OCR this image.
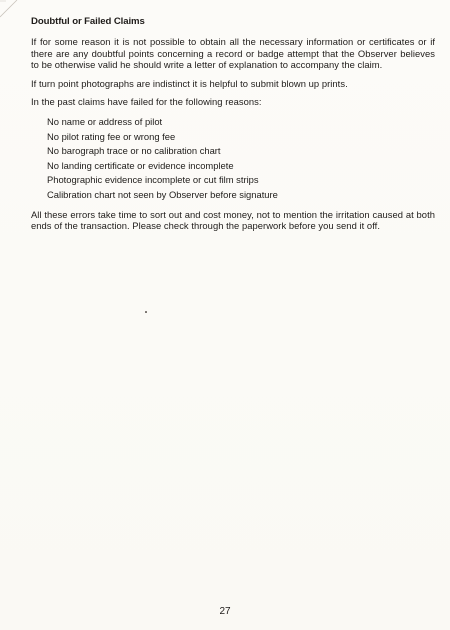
Doubtful or Failed Claims

If for some reason it is not possible to obtain all the necessary information or certificates or if there are any doubtful points concerning a record or badge attempt that the Observer believes to be otherwise valid he should write a letter of explanation to accompany the claim.

If turn point photographs are indistinct it is helpful to submit blown up prints.

In the past claims have failed for the following reasons:

No name or address of pilot
No pilot rating fee or wrong fee
No barograph trace or no calibration chart
No landing certificate or evidence incomplete
Photographic evidence incomplete or cut film strips
Calibration chart not seen by Observer before signature

All these errors take time to sort out and cost money, not to mention the irritation caused at both ends of the transaction. Please check through the paperwork before you send it off.

27
